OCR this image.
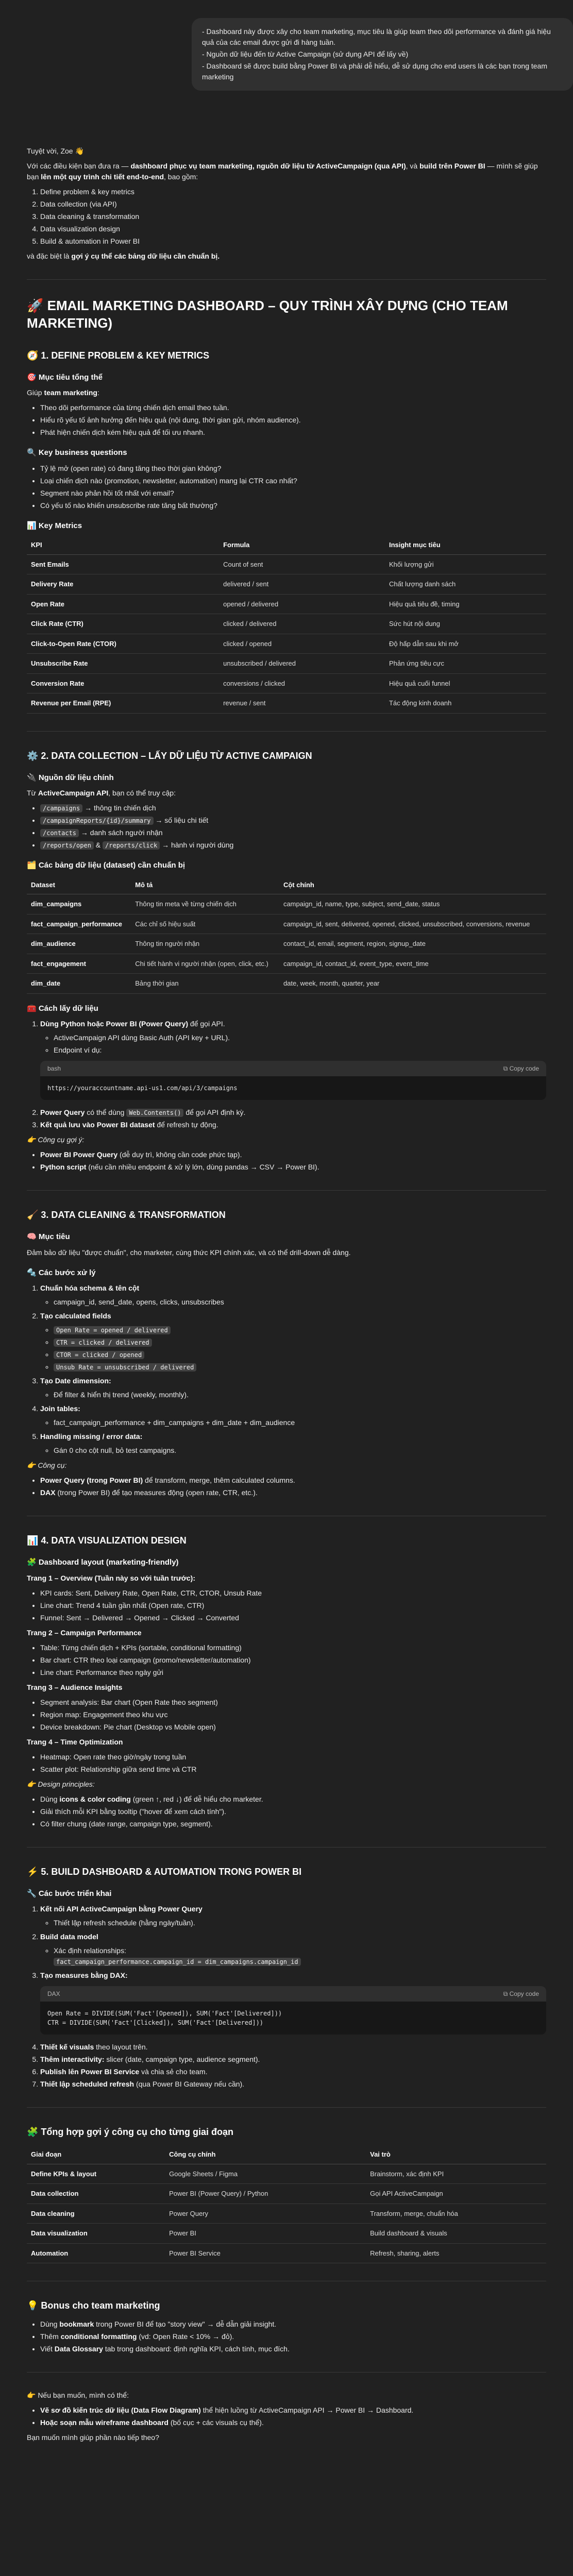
- Dashboard này được xây cho team marketing, mục tiêu là giúp team theo dõi performance và đánh giá hiệu quả của các email được gửi đi hàng tuần.
- Nguồn dữ liệu đến từ Active Campaign (sử dụng API để lấy về)
- Dashboard sẽ được build bằng Power BI và phải dễ hiểu, dễ sử dụng cho end users là các bạn trong team marketing

Tuyệt vời, Zoe 👋

Với các điều kiện bạn đưa ra — dashboard phục vụ team marketing, nguồn dữ liệu từ ActiveCampaign (qua API), và build trên Power BI — mình sẽ giúp bạn lên một quy trình chi tiết end-to-end, bao gồm:

1. Define problem & key metrics
2. Data collection (via API)
3. Data cleaning & transformation
4. Data visualization design
5. Build & automation in Power BI

và đặc biệt là gợi ý cụ thể các bảng dữ liệu cần chuẩn bị.

🚀 EMAIL MARKETING DASHBOARD – QUY TRÌNH XÂY DỰNG (CHO TEAM MARKETING)
🧭 1. DEFINE PROBLEM & KEY METRICS
🎯 Mục tiêu tổng thể

Giúp team marketing:

• Theo dõi performance của từng chiến dịch email theo tuần.
• Hiểu rõ yếu tố ảnh hưởng đến hiệu quả (nội dung, thời gian gửi, nhóm audience).
• Phát hiện chiến dịch kém hiệu quả để tối ưu nhanh.
🔍 Key business questions
• Tỷ lệ mở (open rate) có đang tăng theo thời gian không?
• Loại chiến dịch nào (promotion, newsletter, automation) mang lại CTR cao nhất?
• Segment nào phản hồi tốt nhất với email?
• Có yếu tố nào khiến unsubscribe rate tăng bất thường?
📊 Key Metrics
KPI	Formula	Insight mục tiêu
Sent Emails	Count of sent	Khối lượng gửi
Delivery Rate	delivered / sent	Chất lượng danh sách
Open Rate	opened / delivered	Hiệu quả tiêu đề, timing
Click Rate (CTR)	clicked / delivered	Sức hút nội dung
Click-to-Open Rate (CTOR)	clicked / opened	Độ hấp dẫn sau khi mở
Unsubscribe Rate	unsubscribed / delivered	Phản ứng tiêu cực
Conversion Rate	conversions / clicked	Hiệu quả cuối funnel
Revenue per Email (RPE)	revenue / sent	Tác động kinh doanh
⚙️ 2. DATA COLLECTION – LẤY DỮ LIỆU TỪ ACTIVE CAMPAIGN
🔌 Nguồn dữ liệu chính

Từ ActiveCampaign API, bạn có thể truy cập:

• /campaigns → thông tin chiến dịch
• /campaignReports/{id}/summary → số liệu chi tiết
• /contacts → danh sách người nhận
• /reports/open & /reports/click → hành vi người dùng
🗂️ Các bảng dữ liệu (dataset) cần chuẩn bị
Dataset	Mô tả	Cột chính
dim_campaigns	Thông tin meta về từng chiến dịch	campaign_id, name, type, subject, send_date, status
fact_campaign_performance	Các chỉ số hiệu suất	campaign_id, sent, delivered, opened, clicked, unsubscribed, conversions, revenue
dim_audience	Thông tin người nhận	contact_id, email, segment, region, signup_date
fact_engagement	Chi tiết hành vi người nhận (open, click, etc.)	campaign_id, contact_id, event_type, event_time
dim_date	Bảng thời gian	date, week, month, quarter, year
🧰 Cách lấy dữ liệu
1. Dùng Python hoặc Power BI (Power Query) để gọi API.
◦ ActiveCampaign API dùng Basic Auth (API key + URL).
◦ Endpoint ví dụ:
bash	⧉ Copy code
https://youraccountname.api-us1.com/api/3/campaigns
2. Power Query có thể dùng Web.Contents() để gọi API định kỳ.
3. Kết quả lưu vào Power BI dataset để refresh tự động.

👉 Công cụ gợi ý:

• Power BI Power Query (dễ duy trì, không cần code phức tạp).
• Python script (nếu cần nhiều endpoint & xử lý lớn, dùng pandas → CSV → Power BI).
🧹 3. DATA CLEANING & TRANSFORMATION
🧠 Mục tiêu

Đảm bảo dữ liệu "được chuẩn", cho marketer, cùng thức KPI chính xác, và có thể drill-down dễ dàng.

🔩 Các bước xử lý
1. Chuẩn hóa schema & tên cột
◦ campaign_id, send_date, opens, clicks, unsubscribes
2. Tạo calculated fields
◦ Open Rate = opened / delivered
◦ CTR = clicked / delivered
◦ CTOR = clicked / opened
◦ Unsub Rate = unsubscribed / delivered
3. Tạo Date dimension:
◦ Để filter & hiển thị trend (weekly, monthly).
4. Join tables:
◦ fact_campaign_performance + dim_campaigns + dim_date + dim_audience
5. Handling missing / error data:
◦ Gán 0 cho cột null, bỏ test campaigns.

👉 Công cụ:

• Power Query (trong Power BI) để transform, merge, thêm calculated columns.
• DAX (trong Power BI) để tạo measures động (open rate, CTR, etc.).
📊 4. DATA VISUALIZATION DESIGN
🧩 Dashboard layout (marketing-friendly)

Trang 1 – Overview (Tuần này so với tuần trước):

• KPI cards: Sent, Delivery Rate, Open Rate, CTR, CTOR, Unsub Rate
• Line chart: Trend 4 tuần gần nhất (Open rate, CTR)
• Funnel: Sent → Delivered → Opened → Clicked → Converted

Trang 2 – Campaign Performance

• Table: Từng chiến dịch + KPIs (sortable, conditional formatting)
• Bar chart: CTR theo loại campaign (promo/newsletter/automation)
• Line chart: Performance theo ngày gửi

Trang 3 – Audience Insights

• Segment analysis: Bar chart (Open Rate theo segment)
• Region map: Engagement theo khu vực
• Device breakdown: Pie chart (Desktop vs Mobile open)

Trang 4 – Time Optimization

• Heatmap: Open rate theo giờ/ngày trong tuần
• Scatter plot: Relationship giữa send time và CTR

👉 Design principles:

• Dùng icons & color coding (green ↑, red ↓) để dễ hiểu cho marketer.
• Giải thích mỗi KPI bằng tooltip ("hover để xem cách tính").
• Có filter chung (date range, campaign type, segment).
⚡ 5. BUILD DASHBOARD & AUTOMATION TRONG POWER BI
🔧 Các bước triển khai
1. Kết nối API ActiveCampaign bằng Power Query
◦ Thiết lập refresh schedule (hằng ngày/tuần).
2. Build data model
◦ Xác định relationships:
fact_campaign_performance.campaign_id = dim_campaigns.campaign_id
3. Tạo measures bằng DAX:
DAX	⧉ Copy code
Open Rate = DIVIDE(SUM('Fact'[Opened]), SUM('Fact'[Delivered]))
CTR = DIVIDE(SUM('Fact'[Clicked]), SUM('Fact'[Delivered]))
4. Thiết kế visuals theo layout trên.
5. Thêm interactivity: slicer (date, campaign type, audience segment).
6. Publish lên Power BI Service và chia sẻ cho team.
7. Thiết lập scheduled refresh (qua Power BI Gateway nếu cần).
🧩 Tổng hợp gợi ý công cụ cho từng giai đoạn
Giai đoạn	Công cụ chính	Vai trò
Define KPIs & layout	Google Sheets / Figma	Brainstorm, xác định KPI
Data collection	Power BI (Power Query) / Python	Gọi API ActiveCampaign
Data cleaning	Power Query	Transform, merge, chuẩn hóa
Data visualization	Power BI	Build dashboard & visuals
Automation	Power BI Service	Refresh, sharing, alerts
💡 Bonus cho team marketing
• Dùng bookmark trong Power BI để tạo "story view" → dễ dẫn giải insight.
• Thêm conditional formatting (vd: Open Rate < 10% → đỏ).
• Viết Data Glossary tab trong dashboard: định nghĩa KPI, cách tính, mục đích.

👉 Nếu bạn muốn, mình có thể:

• Vẽ sơ đồ kiến trúc dữ liệu (Data Flow Diagram) thể hiện luồng từ ActiveCampaign API → Power BI → Dashboard.
• Hoặc soạn mẫu wireframe dashboard (bố cục + các visuals cụ thể).

Bạn muốn mình giúp phần nào tiếp theo?
